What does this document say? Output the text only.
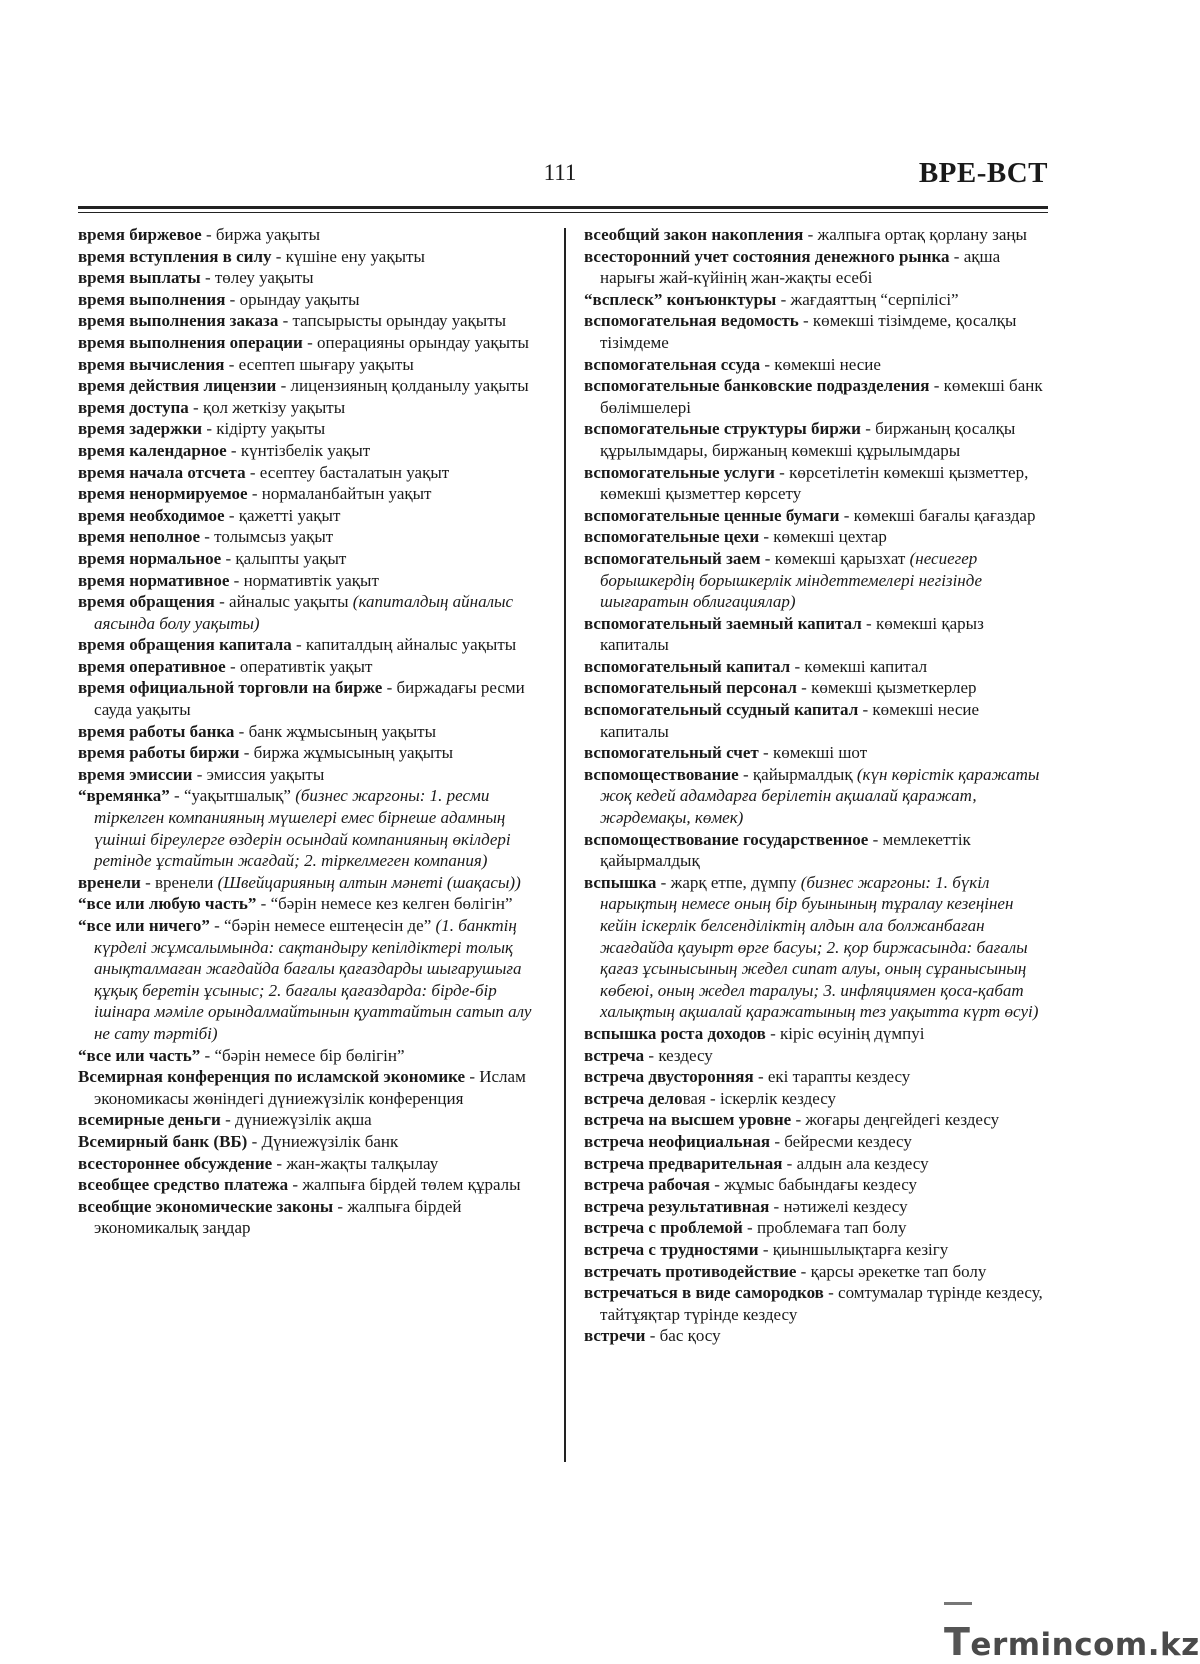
111	ВРЕ-ВСТ

время биржевое - биржа уақыты

время вступления в силу - күшіне ену уақыты

время выплаты - төлеу уақыты

время выполнения - орындау уақыты

время выполнения заказа - тапсырысты орындау уақыты

время выполнения операции - операцияны орындау уақыты

время вычисления - есептеп шығару уақыты

время действия лицензии - лицензияның қолданылу уақыты

время доступа - қол жеткізу уақыты

время задержки - кідірту уақыты

время календарное - күнтізбелік уақыт

время начала отсчета - есептеу басталатын уақыт

время ненормируемое - нормаланбайтын уақыт

время необходимое - қажетті уақыт

время неполное - толымсыз уақыт

время нормальное - қалыпты уақыт

время нормативное - нормативтік уақыт

время обращения - айналыс уақыты (капиталдың айналыс аясында болу уақыты)

время обращения капитала - капиталдың айналыс уақыты

время оперативное - оперативтік уақыт

время официальной торговли на бирже - биржадағы ресми сауда уақыты

время работы банка - банк жұмысының уақыты

время работы биржи - биржа жұмысының уақыты

время эмиссии - эмиссия уақыты

“времянка” - “уақытшалық” (бизнес жаргоны: 1. ресми тіркелген компанияның мүшелері емес бірнеше адамның үшінші біреулерге өздерін осындай компанияның өкілдері ретінде ұстайтын жағдай; 2. тіркелмеген компания)

вренели - вренели (Швейцарияның алтын мәнеті (шақасы))

“все или любую часть” - “бәрін немесе кез келген бөлігін”

“все или ничего” - “бәрін немесе ештеңесін де” (1. банктің күрделі жұмсалымында: сақтандыру кепілдіктері толық анықталмаған жағдайда бағалы қағаздарды шығарушыға құқық беретін ұсыныс; 2. бағалы қағаздарда: бірде-бір ішінара мәміле орындалмайтынын қуаттайтын сатып алу не сату тәртібі)

“все или часть” - “бәрін немесе бір бөлігін”

Всемирная конференция по исламской экономике - Ислам экономикасы жөніндегі дүниежүзілік конференция

всемирные деньги - дүниежүзілік ақша

Всемирный банк (ВБ) - Дүниежүзілік банк

всестороннее обсуждение - жан-жақты талқылау

всеобщее средство платежа - жалпыға бірдей төлем құралы

всеобщие экономические законы - жалпыға бірдей экономикалық заңдар

всеобщий закон накопления - жалпыға ортақ қорлану заңы

всесторонний учет состояния денежного рынка - ақша нарығы жай-күйінің жан-жақты есебі

“всплеск” конъюнктуры - жағдаяттың “серпілісі”

вспомогательная ведомость - көмекші тізімдеме, қосалқы тізімдеме

вспомогательная ссуда - көмекші несие

вспомогательные банковские подразделения - көмекші банк бөлімшелері

вспомогательные структуры биржи - биржаның қосалқы құрылымдары, биржаның көмекші құрылымдары

вспомогательные услуги - көрсетілетін көмекші қызметтер, көмекші қызметтер көрсету

вспомогательные ценные бумаги - көмекші бағалы қағаздар

вспомогательные цехи - көмекші цехтар

вспомогательный заем - көмекші қарызхат (несиегер борышкердің борышкерлік міндеттемелері негізінде шығаратын облигациялар)

вспомогательный заемный капитал - көмекші қарыз капиталы

вспомогательный капитал - көмекші капитал

вспомогательный персонал - көмекші қызметкерлер

вспомогательный ссудный капитал - көмекші несие капиталы

вспомогательный счет - көмекші шот

вспомоществование - қайырмалдық (күн көрістік қаражаты жоқ кедей адамдарға берілетін ақшалай қаражат, жәрдемақы, көмек)

вспомоществование государственное - мемлекеттік қайырмалдық

вспышка - жарқ етпе, дүмпу (бизнес жаргоны: 1. бүкіл нарықтың немесе оның бір буынының тұралау кезеңінен кейін іскерлік белсенділіктің алдын ала болжанбаған жағдайда қауырт өрге басуы; 2. қор биржасында: бағалы қағаз ұсынысының жедел сипат алуы, оның сұранысының көбеюі, оның жедел таралуы; 3. инфляциямен қоса-қабат халықтың ақшалай қаражатының тез уақытта күрт өсуі)

вспышка роста доходов - кіріс өсуінің дүмпуі

встреча - кездесу

встреча двусторонняя - екі тарапты кездесу

встреча деловая - іскерлік кездесу

встреча на высшем уровне - жоғары деңгейдегі кездесу

встреча неофициальная - бейресми кездесу

встреча предварительная - алдын ала кездесу

встреча рабочая - жұмыс бабындағы кездесу

встреча результативная - нәтижелі кездесу

встреча с проблемой - проблемаға тап болу

встреча с трудностями - қиыншылықтарға кезігу

встречать противодействие - қарсы әрекетке тап болу

встречаться в виде самородков - сомтумалар түрінде кездесу, тайтұяқтар түрінде кездесу

встречи - бас қосу

Termincom.kz
